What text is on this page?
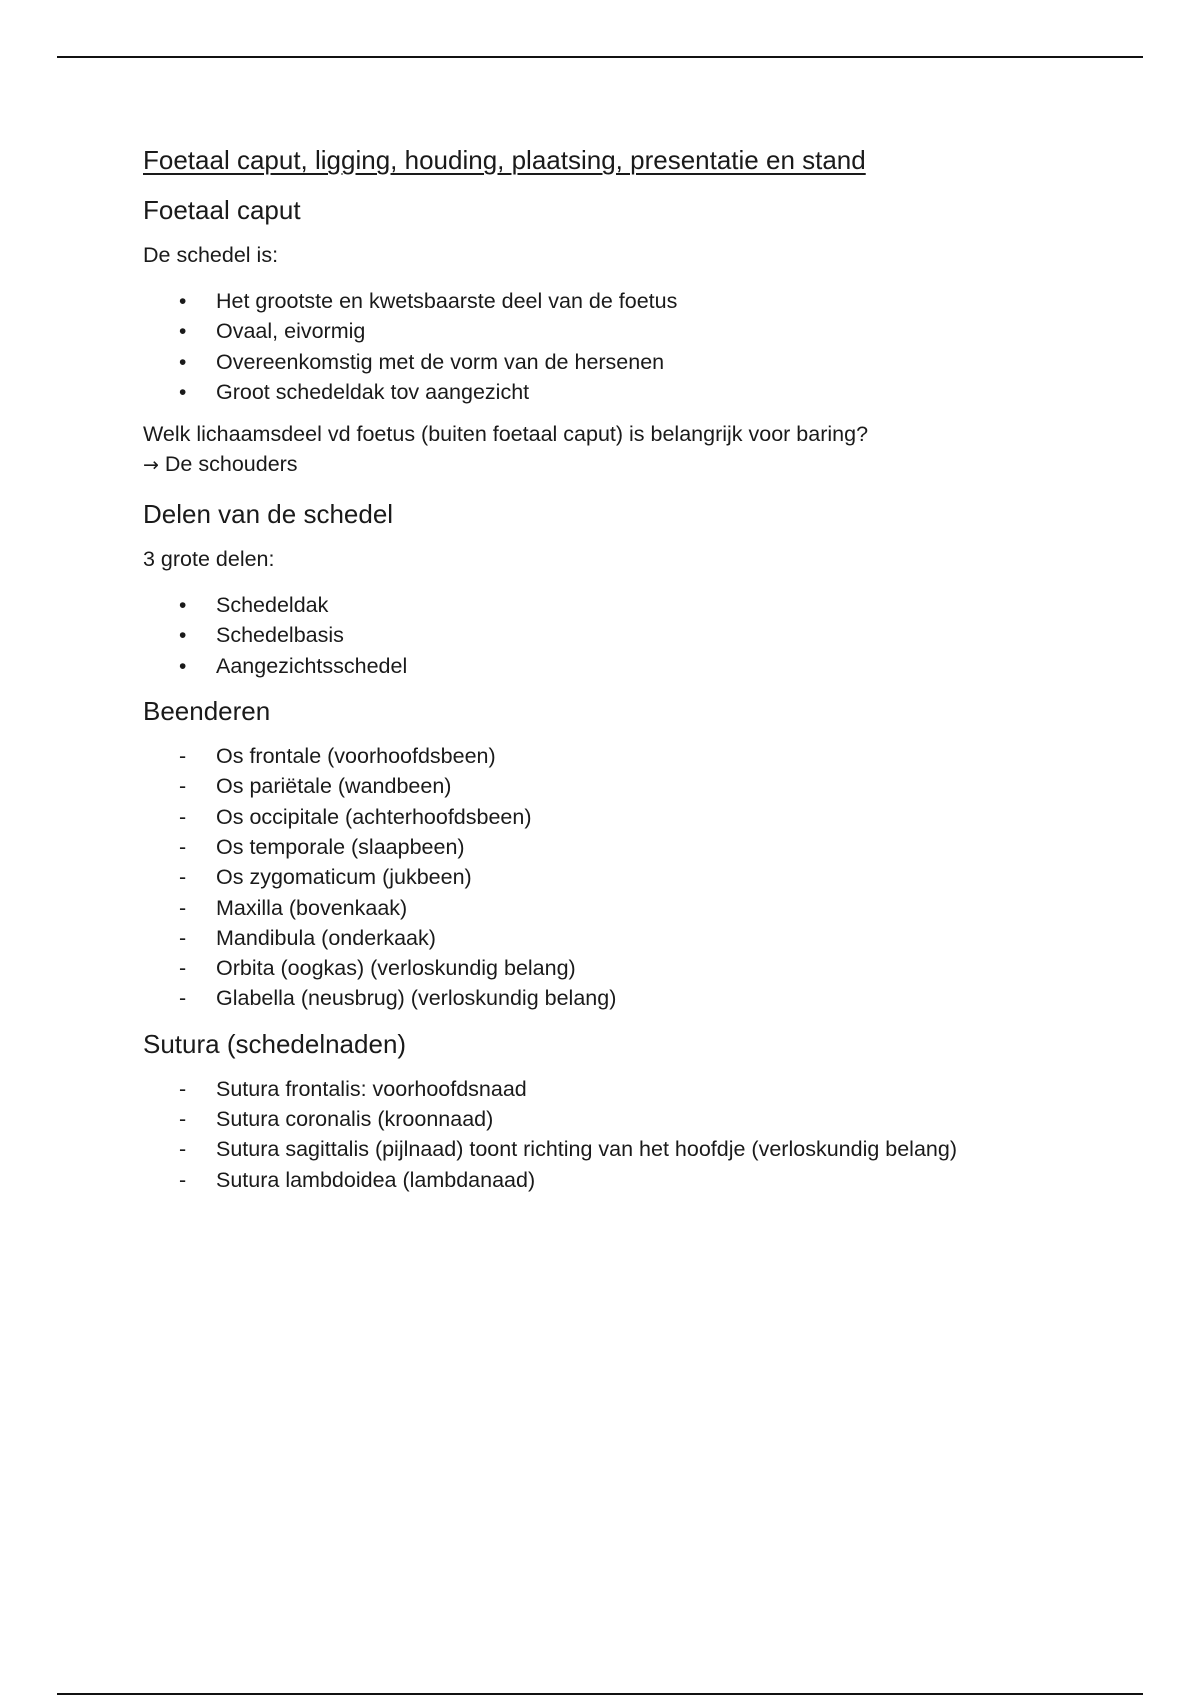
Foetaal caput, ligging, houding, plaatsing, presentatie en stand
Foetaal caput
De schedel is:
•
Het grootste en kwetsbaarste deel van de foetus
•
Ovaal, eivormig
•
Overeenkomstig met de vorm van de hersenen
•
Groot schedeldak tov aangezicht
Welk lichaamsdeel vd foetus (buiten foetaal caput) is belangrijk voor baring?
→ De schouders
Delen van de schedel
3 grote delen:
•
Schedeldak
•
Schedelbasis
•
Aangezichtsschedel
Beenderen
-
Os frontale (voorhoofdsbeen)
-
Os pariëtale (wandbeen)
-
Os occipitale (achterhoofdsbeen)
-
Os temporale (slaapbeen)
-
Os zygomaticum (jukbeen)
-
Maxilla (bovenkaak)
-
Mandibula (onderkaak)
-
Orbita (oogkas) (verloskundig belang)
-
Glabella (neusbrug) (verloskundig belang)
Sutura (schedelnaden)
-
Sutura frontalis: voorhoofdsnaad
-
Sutura coronalis (kroonnaad)
-
Sutura sagittalis (pijlnaad) toont richting van het hoofdje (verloskundig belang)
-
Sutura lambdoidea (lambdanaad)
